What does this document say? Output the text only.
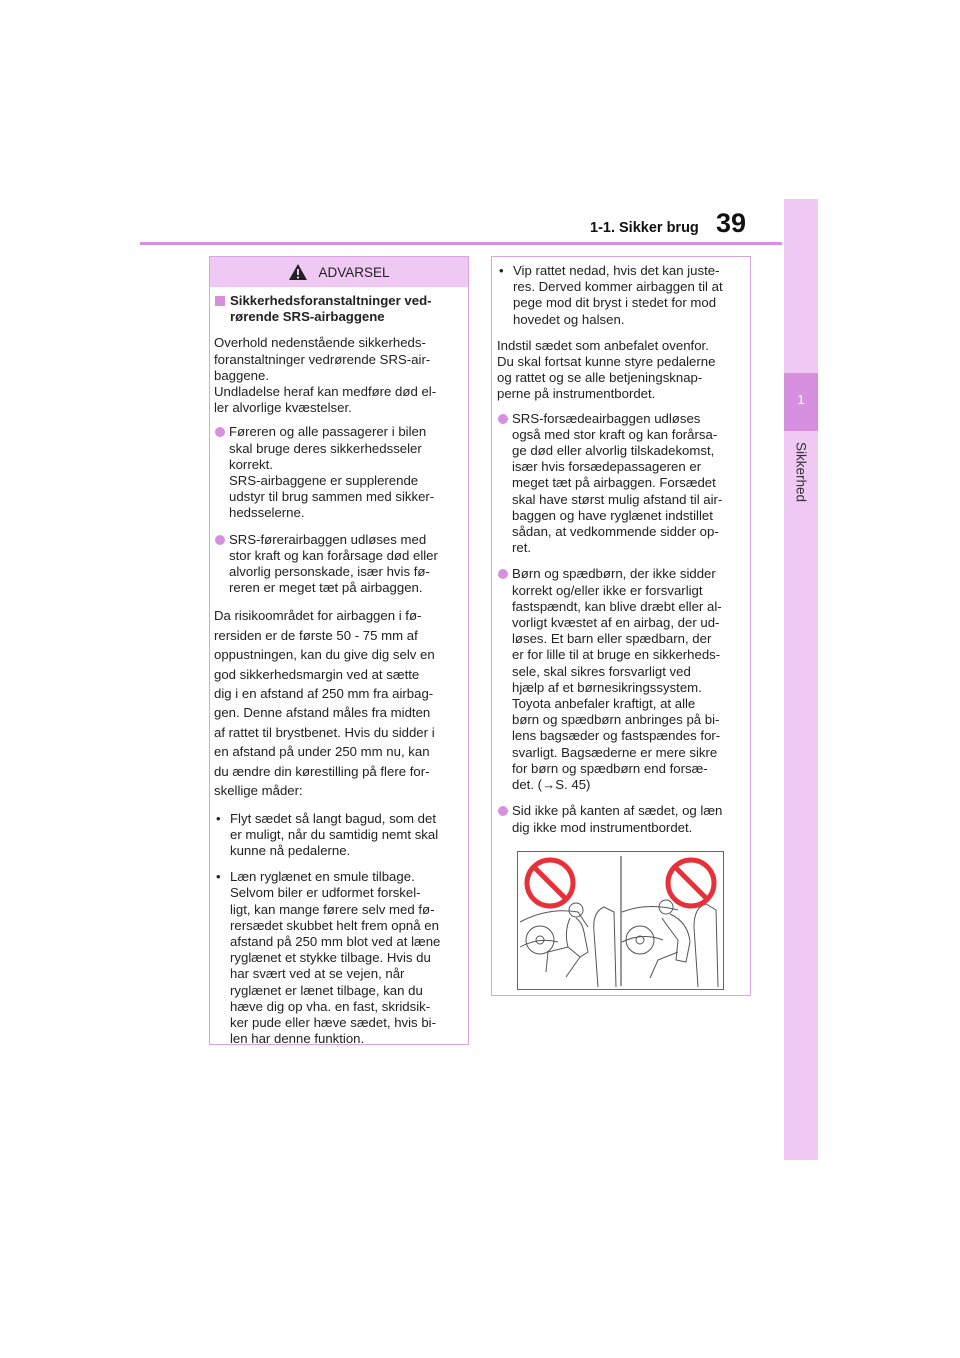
1-1. Sikker brug 39
1
Sikkerhed
ADVARSEL
Sikkerhedsforanstaltninger ved-
rørende SRS-airbaggene

Overhold nedenstående sikkerheds-
foranstaltninger vedrørende SRS-air-
baggene.
Undladelse heraf kan medføre død el-
ler alvorlige kvæstelser.

Føreren og alle passagerer i bilen
skal bruge deres sikkerhedsseler
korrekt.
SRS-airbaggene er supplerende
udstyr til brug sammen med sikker-
hedsselerne.
SRS-førerairbaggen udløses med
stor kraft og kan forårsage død eller
alvorlig personskade, især hvis fø-
reren er meget tæt på airbaggen.

Da risikoområdet for airbaggen i fø-
rersiden er de første 50 - 75 mm af
oppustningen, kan du give dig selv en
god sikkerhedsmargin ved at sætte
dig i en afstand af 250 mm fra airbag-
gen. Denne afstand måles fra midten
af rattet til brystbenet. Hvis du sidder i
en afstand på under 250 mm nu, kan
du ændre din kørestilling på flere for-
skellige måder:

• Flyt sædet så langt bagud, som det
er muligt, når du samtidig nemt skal
kunne nå pedalerne.
• Læn ryglænet en smule tilbage.
Selvom biler er udformet forskel-
ligt, kan mange førere selv med fø-
rersædet skubbet helt frem opnå en
afstand på 250 mm blot ved at læne
ryglænet et stykke tilbage. Hvis du
har svært ved at se vejen, når
ryglænet er lænet tilbage, kan du
hæve dig op vha. en fast, skridsik-
ker pude eller hæve sædet, hvis bi-
len har denne funktion.
• Vip rattet nedad, hvis det kan juste-
res. Derved kommer airbaggen til at
pege mod dit bryst i stedet for mod
hovedet og halsen.

Indstil sædet som anbefalet ovenfor.
Du skal fortsat kunne styre pedalerne
og rattet og se alle betjeningsknap-
perne på instrumentbordet.

SRS-forsædeairbaggen udløses
også med stor kraft og kan forårsa-
ge død eller alvorlig tilskadekomst,
især hvis forsædepassageren er
meget tæt på airbaggen. Forsædet
skal have størst mulig afstand til air-
baggen og have ryglænet indstillet
sådan, at vedkommende sidder op-
ret.
Børn og spædbørn, der ikke sidder
korrekt og/eller ikke er forsvarligt
fastspændt, kan blive dræbt eller al-
vorligt kvæstet af en airbag, der ud-
løses. Et barn eller spædbarn, der
er for lille til at bruge en sikkerheds-
sele, skal sikres forsvarligt ved
hjælp af et børnesikringssystem.
Toyota anbefaler kraftigt, at alle
børn og spædbørn anbringes på bi-
lens bagsæder og fastspændes for-
svarligt. Bagsæderne er mere sikre
for børn og spædbørn end forsæ-
det. (→S. 45)
Sid ikke på kanten af sædet, og læn
dig ikke mod instrumentbordet.
